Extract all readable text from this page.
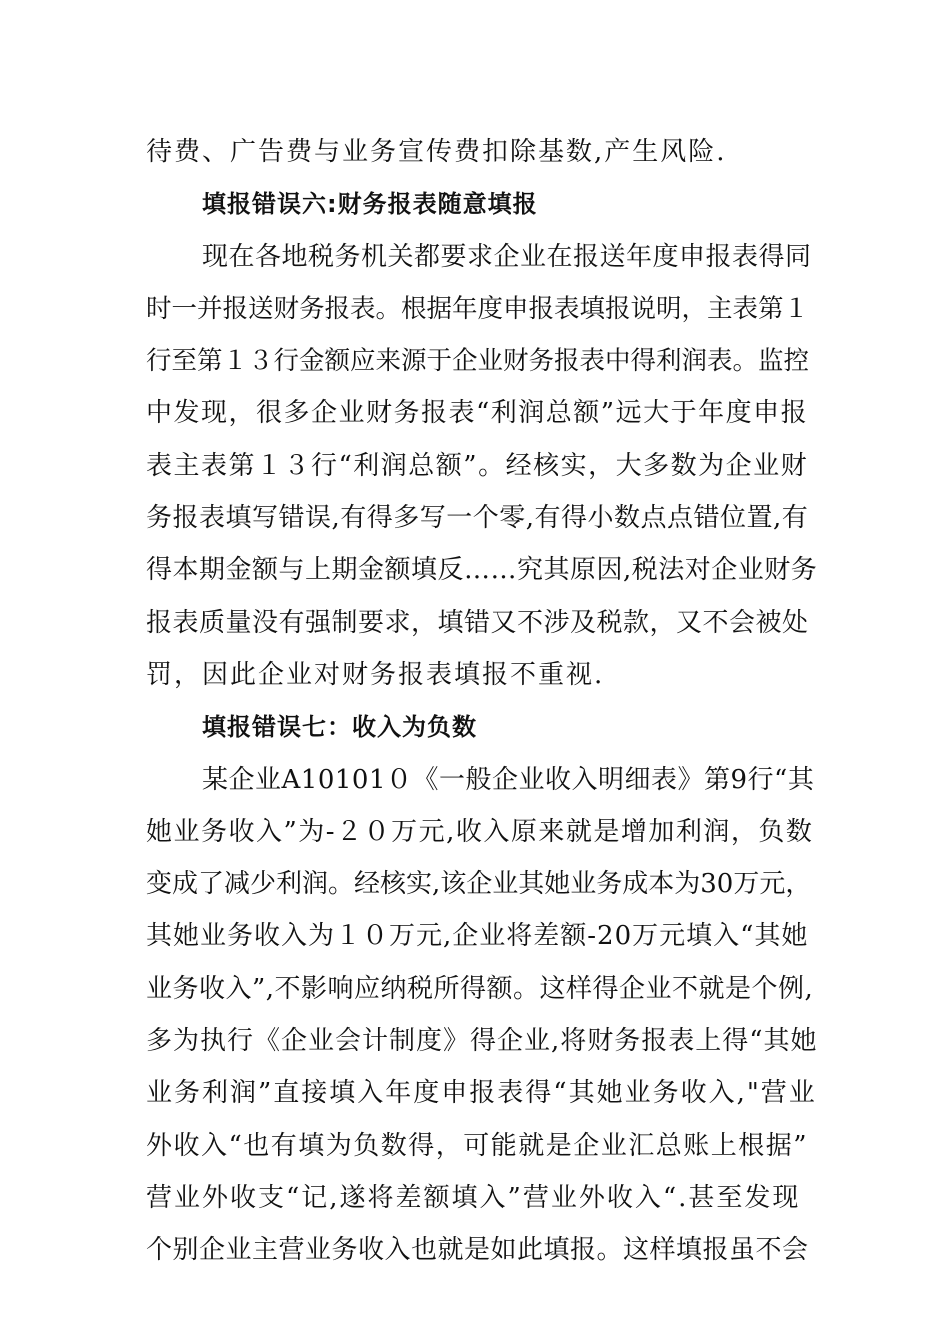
待费、广告费与业务宣传费扣除基数,产生风险.
填报错误六:财务报表随意填报
现在各地税务机关都要求企业在报送年度申报表得同
时一并报送财务报表。根据年度申报表填报说明，主表第１
行至第１３行金额应来源于企业财务报表中得利润表。监控
中发现，很多企业财务报表“利润总额”远大于年度申报
表主表第１３行“利润总额”。经核实，大多数为企业财
务报表填写错误,有得多写一个零,有得小数点点错位置,有
得本期金额与上期金额填反……究其原因,税法对企业财务
报表质量没有强制要求，填错又不涉及税款，又不会被处
罚，因此企业对财务报表填报不重视.
填报错误七：收入为负数
某企业A10101０《一般企业收入明细表》第9行“其
她业务收入”为-２０万元,收入原来就是增加利润，负数
变成了减少利润。经核实,该企业其她业务成本为30万元，
其她业务收入为１０万元,企业将差额-20万元填入“其她
业务收入”,不影响应纳税所得额。这样得企业不就是个例,
多为执行《企业会计制度》得企业,将财务报表上得“其她
业务利润”直接填入年度申报表得“其她业务收入,"营业
外收入“也有填为负数得，可能就是企业汇总账上根据”
营业外收支“记,遂将差额填入”营业外收入“.甚至发现
个别企业主营业务收入也就是如此填报。这样填报虽不会
